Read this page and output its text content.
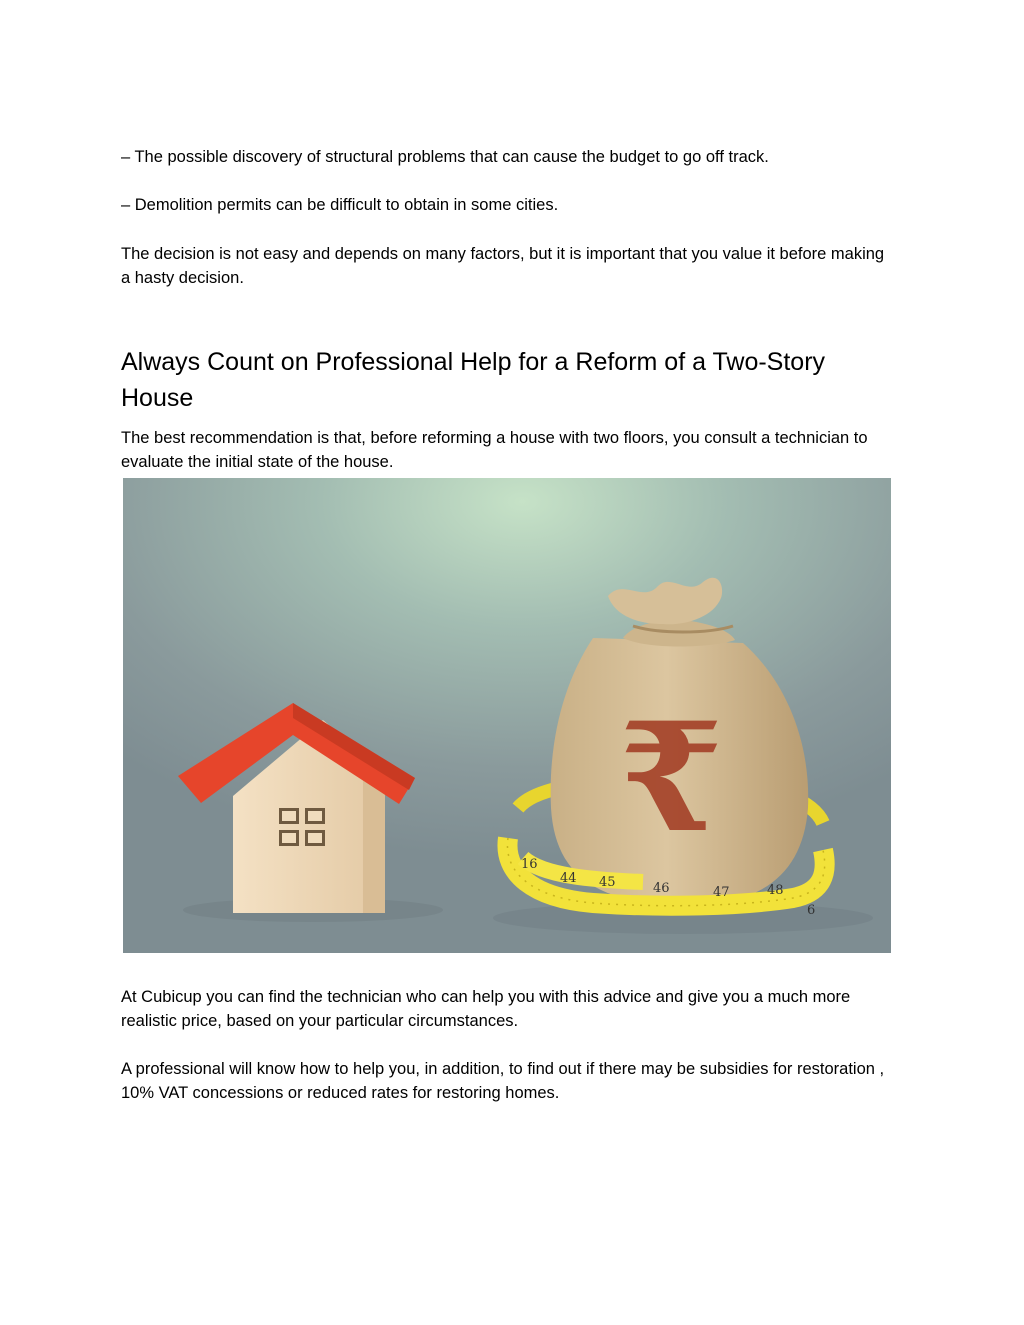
– The possible discovery of structural problems that can cause the budget to go off track.

– Demolition permits can be difficult to obtain in some cities.

The decision is not easy and depends on many factors, but it is important that you value it before making a hasty decision.

Always Count on Professional Help for a Reform of a Two-Story House

The best recommendation is that, before reforming a house with two floors, you consult a technician to evaluate the initial state of the house.

₹
16
44 45	46	47	48
6

At Cubicup you can find the technician who can help you with this advice and give you a much more realistic price, based on your particular circumstances.

A professional will know how to help you, in addition, to find out if there may be subsidies for restoration , 10% VAT concessions or reduced rates for restoring homes.
